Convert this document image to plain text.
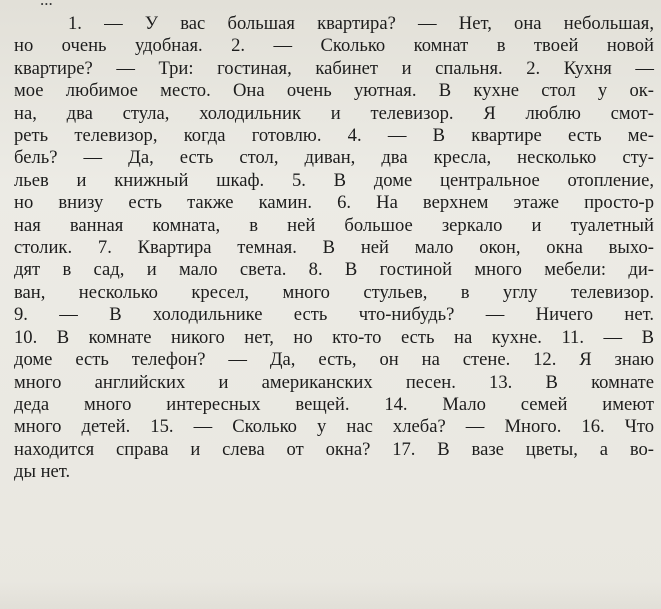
1. — У вас большая квартира? — Нет, она небольшая,
но очень удобная. 2. — Сколько комнат в твоей новой
квартире? — Три: гостиная, кабинет и спальня. 2. Кухня —
мое любимое место. Она очень уютная. В кухне стол у ок-
на, два стула, холодильник и телевизор. Я люблю смот-
реть телевизор, когда готовлю. 4. — В квартире есть ме-
бель? — Да, есть стол, диван, два кресла, несколько сту-
льев и книжный шкаф. 5. В доме центральное отопление,
но внизу есть также камин. 6. На верхнем этаже просто-р
ная ванная комната, в ней большое зеркало и туалетный
столик. 7. Квартира темная. В ней мало окон, окна выхо-
дят в сад, и мало света. 8. В гостиной много мебели: ди-
ван, несколько кресел, много стульев, в углу телевизор.
9. — В холодильнике есть что-нибудь? — Ничего нет.
10. В комнате никого нет, но кто-то есть на кухне. 11. — В
доме есть телефон? — Да, есть, он на стене. 12. Я знаю
много английских и американских песен. 13. В комнате
деда много интересных вещей. 14. Мало семей имеют
много детей. 15. — Сколько у нас хлеба? — Много. 16. Что
находится справа и слева от окна? 17. В вазе цветы, а во-
ды нет.
